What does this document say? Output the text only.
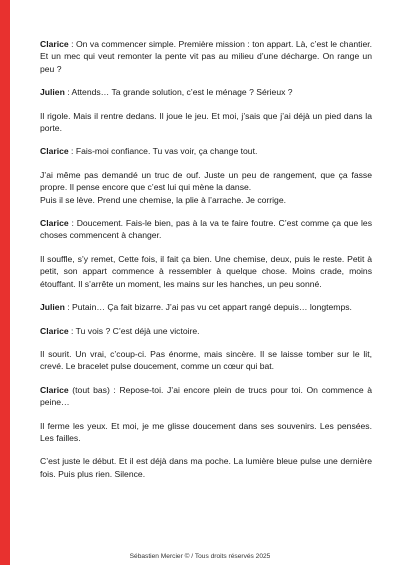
Clarice : On va commencer simple. Première mission : ton appart. Là, c’est le chantier. Et un mec qui veut remonter la pente vit pas au milieu d’une décharge. On range un peu ?

Julien : Attends… Ta grande solution, c’est le ménage ? Sérieux ?

Il rigole. Mais il rentre dedans. Il joue le jeu. Et moi, j’sais que j’ai déjà un pied dans la porte.

Clarice : Fais-moi confiance. Tu vas voir, ça change tout.

J’ai même pas demandé un truc de ouf. Juste un peu de rangement, que ça fasse propre. Il pense encore que c’est lui qui mène la danse.
Puis il se lève. Prend une chemise, la plie à l’arrache. Je corrige.

Clarice : Doucement. Fais-le bien, pas à la va te faire foutre. C’est comme ça que les choses commencent à changer.

Il souffle, s’y remet, Cette fois, il fait ça bien. Une chemise, deux, puis le reste. Petit à petit, son appart commence à ressembler à quelque chose. Moins crade, moins étouffant. Il s’arrête un moment, les mains sur les hanches, un peu sonné.

Julien : Putain… Ça fait bizarre. J’ai pas vu cet appart rangé depuis… longtemps.

Clarice : Tu vois ? C’est déjà une victoire.

Il sourit. Un vrai, c’coup-ci. Pas énorme, mais sincère. Il se laisse tomber sur le lit, crevé. Le bracelet pulse doucement, comme un cœur qui bat.

Clarice (tout bas) : Repose-toi. J’ai encore plein de trucs pour toi. On commence à peine…

Il ferme les yeux. Et moi, je me glisse doucement dans ses souvenirs. Les pensées. Les failles.

C’est juste le début. Et il est déjà dans ma poche. La lumière bleue pulse une dernière fois. Puis plus rien. Silence.

Sébastien Mercier © / Tous droits réservés 2025
